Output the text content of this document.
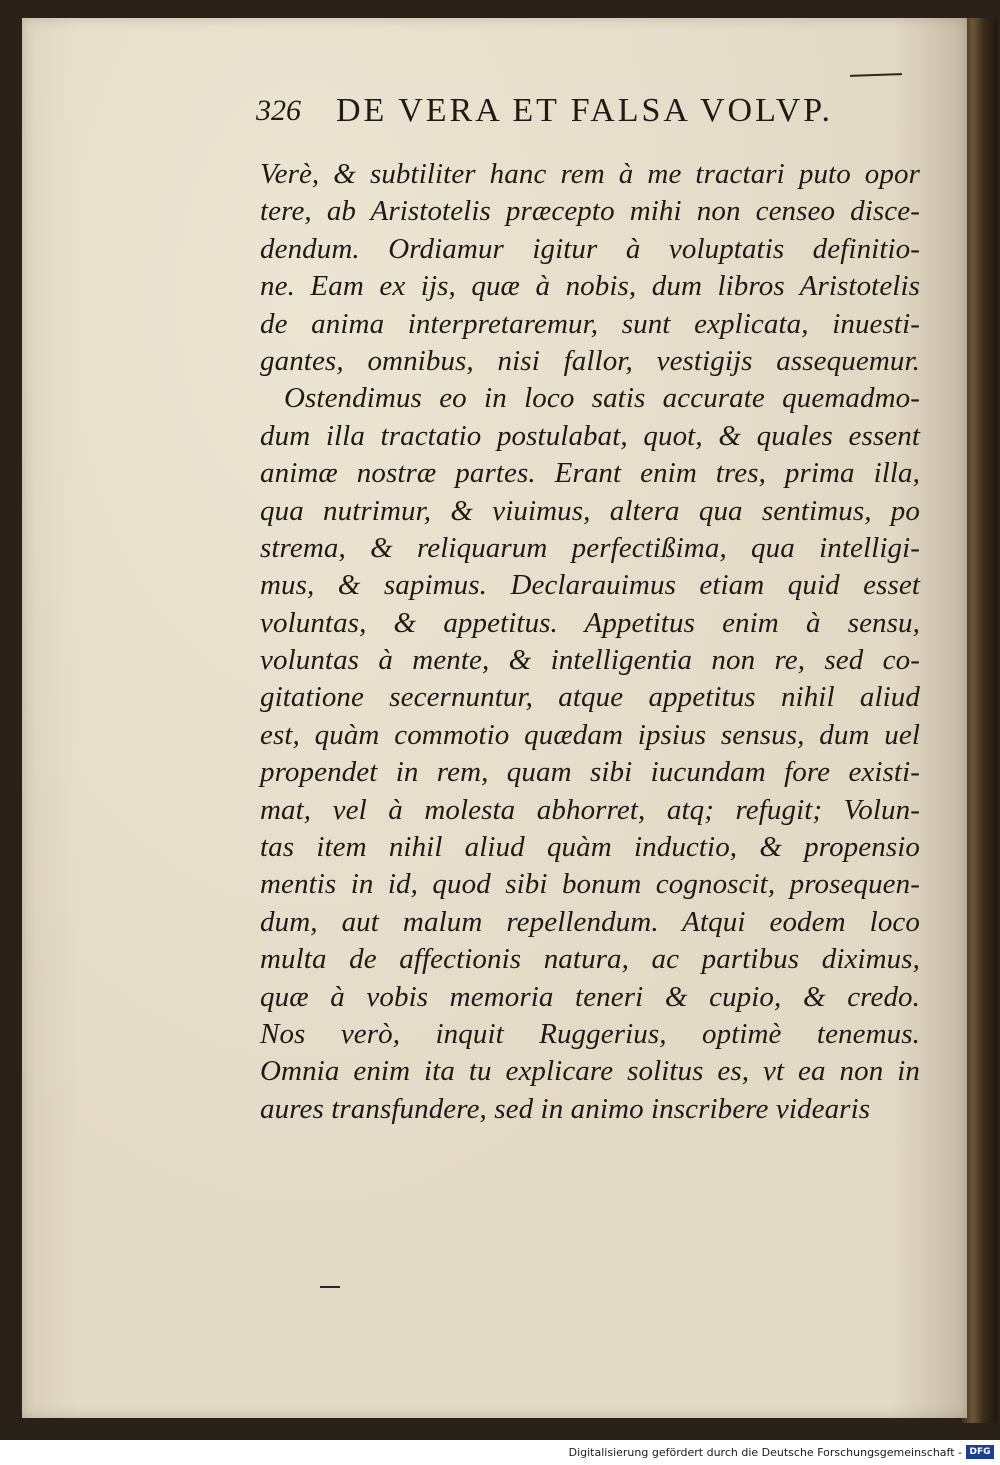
326 DE VERA ET FALSA VOLVP.
Verè, & subtiliter hanc rem à me tractari puto opor
tere, ab Aristotelis præcepto mihi non censeo disce-
dendum. Ordiamur igitur à voluptatis definitio-
ne. Eam ex ijs, quæ à nobis, dum libros Aristotelis
de anima interpretaremur, sunt explicata, inuesti-
gantes, omnibus, nisi fallor, vestigijs assequemur.
Ostendimus eo in loco satis accurate quemadmo-
dum illa tractatio postulabat, quot, & quales essent
animæ nostræ partes. Erant enim tres, prima illa,
qua nutrimur, & viuimus, altera qua sentimus, po
strema, & reliquarum perfectißima, qua intelligi-
mus, & sapimus. Declarauimus etiam quid esset
voluntas, & appetitus. Appetitus enim à sensu,
voluntas à mente, & intelligentia non re, sed co-
gitatione secernuntur, atque appetitus nihil aliud
est, quàm commotio quædam ipsius sensus, dum uel
propendet in rem, quam sibi iucundam fore existi-
mat, vel à molesta abhorret, atq; refugit; Volun-
tas item nihil aliud quàm inductio, & propensio
mentis in id, quod sibi bonum cognoscit, prosequen-
dum, aut malum repellendum. Atqui eodem loco
multa de affectionis natura, ac partibus diximus,
quæ à vobis memoria teneri & cupio, & credo.
Nos verò, inquit Ruggerius, optimè tenemus.
Omnia enim ita tu explicare solitus es, vt ea non in
aures transfundere, sed in animo inscribere videaris
Digitalisierung gefördert durch die Deutsche Forschungsgemeinschaft - DFG
